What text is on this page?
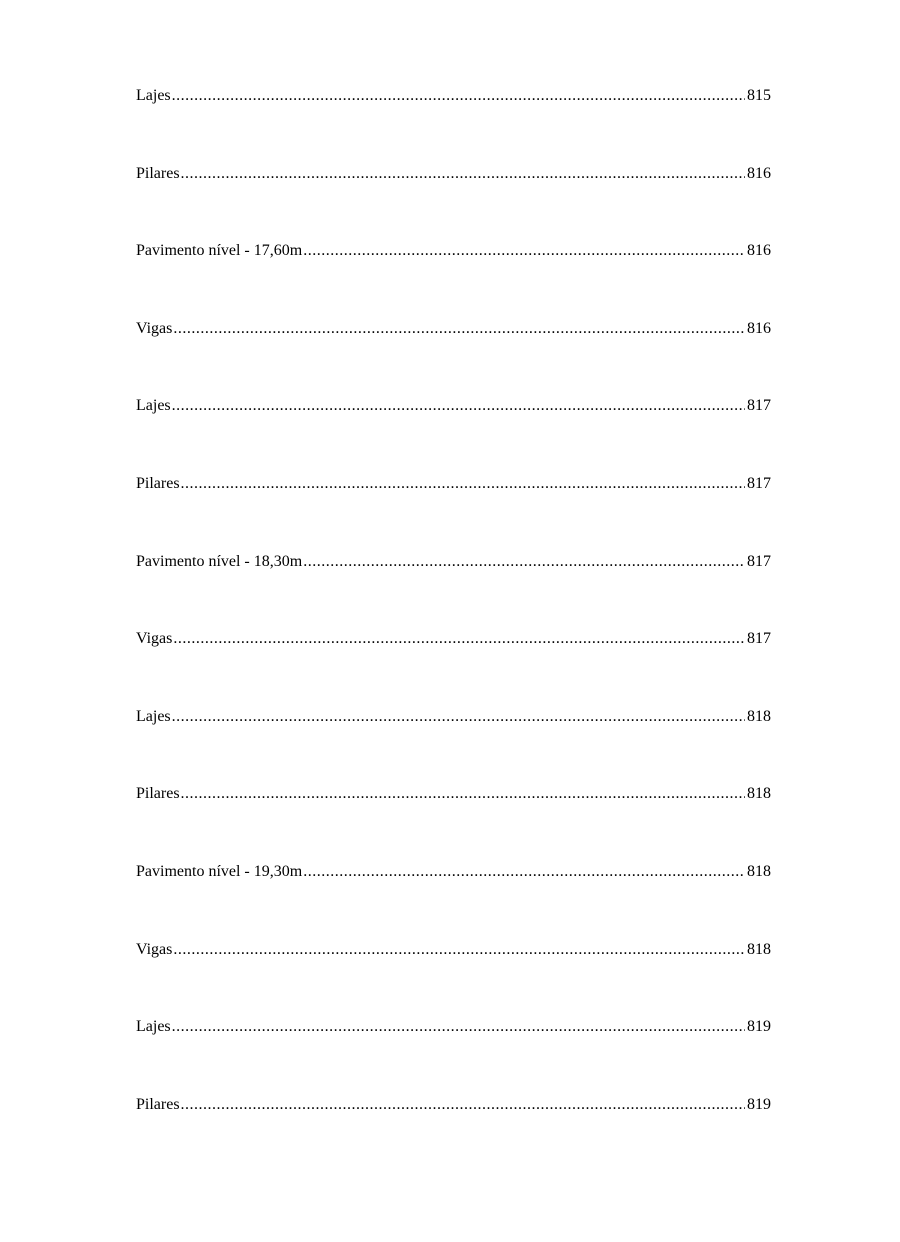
Lajes .....	815
Pilares .....	816
Pavimento nível - 17,60m .....	816
Vigas .....	816
Lajes .....	817
Pilares .....	817
Pavimento nível - 18,30m .....	817
Vigas .....	817
Lajes .....	818
Pilares .....	818
Pavimento nível - 19,30m .....	818
Vigas .....	818
Lajes .....	819
Pilares .....	819
